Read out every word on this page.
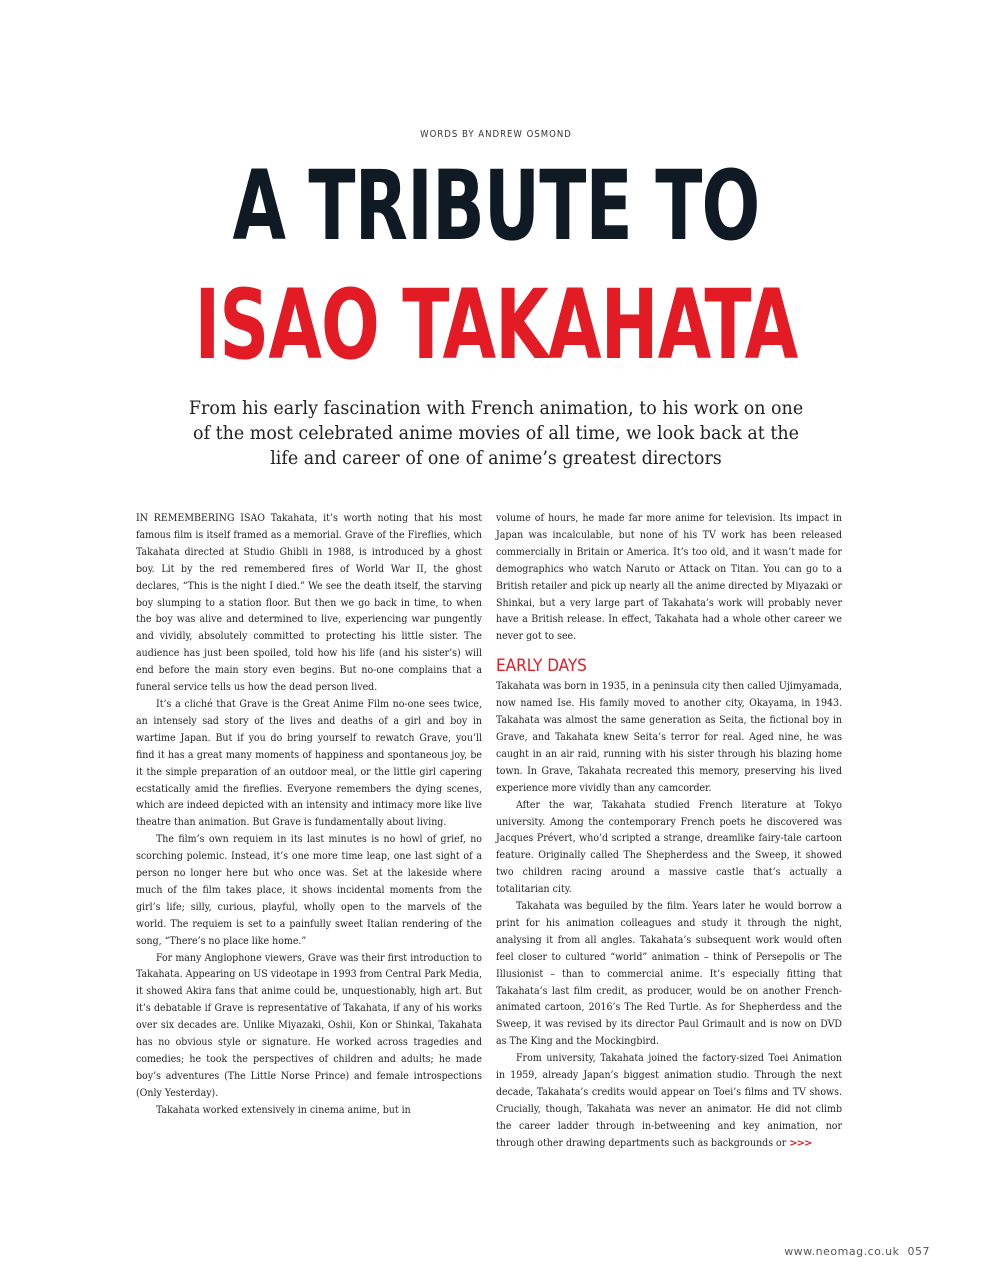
WORDS BY ANDREW OSMOND
A TRIBUTE TO
ISAO TAKAHATA
From his early fascination with French animation, to his work on one of the most celebrated anime movies of all time, we look back at the life and career of one of anime’s greatest directors

IN REMEMBERING ISAO Takahata, it’s worth noting that his most famous film is itself framed as a memorial. Grave of the Fireflies, which Takahata directed at Studio Ghibli in 1988, is introduced by a ghost boy. Lit by the red remembered fires of World War II, the ghost declares, “This is the night I died.” We see the death itself, the starving boy slumping to a station floor. But then we go back in time, to when the boy was alive and determined to live, experiencing war pungently and vividly, absolutely committed to protecting his little sister. The audience has just been spoiled, told how his life (and his sister’s) will end before the main story even begins. But no-one complains that a funeral service tells us how the dead person lived.

It’s a cliché that Grave is the Great Anime Film no-one sees twice, an intensely sad story of the lives and deaths of a girl and boy in wartime Japan. But if you do bring yourself to rewatch Grave, you’ll find it has a great many moments of happiness and spontaneous joy, be it the simple preparation of an outdoor meal, or the little girl capering ecstatically amid the fireflies. Everyone remembers the dying scenes, which are indeed depicted with an intensity and intimacy more like live theatre than animation. But Grave is fundamentally about living.

The film’s own requiem in its last minutes is no howl of grief, no scorching polemic. Instead, it’s one more time leap, one last sight of a person no longer here but who once was. Set at the lakeside where much of the film takes place, it shows incidental moments from the girl’s life; silly, curious, playful, wholly open to the marvels of the world. The requiem is set to a painfully sweet Italian rendering of the song, “There’s no place like home.”

For many Anglophone viewers, Grave was their first introduction to Takahata. Appearing on US videotape in 1993 from Central Park Media, it showed Akira fans that anime could be, unquestionably, high art. But it’s debatable if Grave is representative of Takahata, if any of his works over six decades are. Unlike Miyazaki, Oshii, Kon or Shinkai, Takahata has no obvious style or signature. He worked across tragedies and comedies; he took the perspectives of children and adults; he made boy’s adventures (The Little Norse Prince) and female introspections (Only Yesterday).

Takahata worked extensively in cinema anime, but in

volume of hours, he made far more anime for television. Its impact in Japan was incalculable, but none of his TV work has been released commercially in Britain or America. It’s too old, and it wasn’t made for demographics who watch Naruto or Attack on Titan. You can go to a British retailer and pick up nearly all the anime directed by Miyazaki or Shinkai, but a very large part of Takahata’s work will probably never have a British release. In effect, Takahata had a whole other career we never got to see.

EARLY DAYS

Takahata was born in 1935, in a peninsula city then called Ujimyamada, now named Ise. His family moved to another city, Okayama, in 1943. Takahata was almost the same generation as Seita, the fictional boy in Grave, and Takahata knew Seita’s terror for real. Aged nine, he was caught in an air raid, running with his sister through his blazing home town. In Grave, Takahata recreated this memory, preserving his lived experience more vividly than any camcorder.

After the war, Takahata studied French literature at Tokyo university. Among the contemporary French poets he discovered was Jacques Prévert, who’d scripted a strange, dreamlike fairy-tale cartoon feature. Originally called The Shepherdess and the Sweep, it showed two children racing around a massive castle that’s actually a totalitarian city.

Takahata was beguiled by the film. Years later he would borrow a print for his animation colleagues and study it through the night, analysing it from all angles. Takahata’s subsequent work would often feel closer to cultured “world” animation – think of Persepolis or The Illusionist – than to commercial anime. It’s especially fitting that Takahata’s last film credit, as producer, would be on another French-animated cartoon, 2016’s The Red Turtle. As for Shepherdess and the Sweep, it was revised by its director Paul Grimault and is now on DVD as The King and the Mockingbird.

From university, Takahata joined the factory-sized Toei Animation in 1959, already Japan’s biggest animation studio. Through the next decade, Takahata’s credits would appear on Toei’s films and TV shows. Crucially, though, Takahata was never an animator. He did not climb the career ladder through in-betweening and key animation, nor through other drawing departments such as backgrounds or >>>

www.neomag.co.uk 057
